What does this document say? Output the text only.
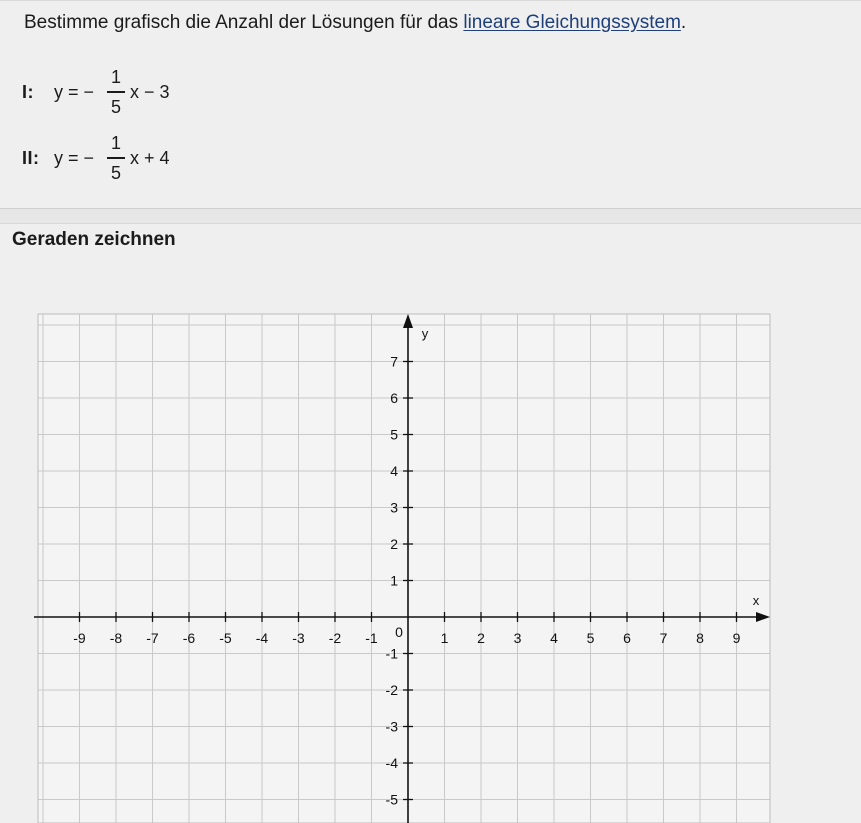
Bestimme grafisch die Anzahl der Lösungen für das lineare Gleichungssystem.
I:	y = − $\frac{1}{5}$ x − 3
II: y = − $\frac{1}{5}$ x + 4
Geraden zeichnen
x
y
-9 -8 -7 -6 -5 -4 -3 -2 -1	1 2 3 4 5 6 7 8 9
7
6
5
4
3
2
1
-1
-2
-3
-4
-5
0
